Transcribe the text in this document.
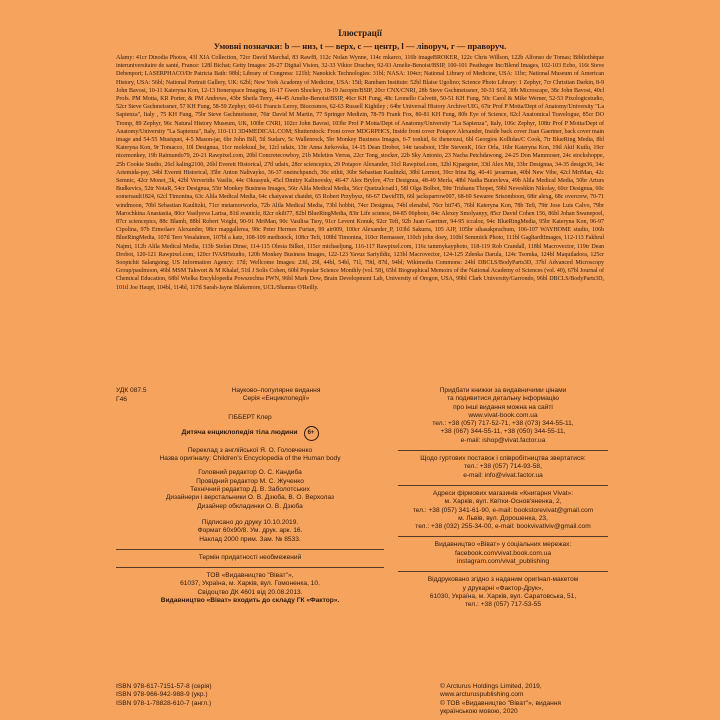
Ілюстрації
Умовні позначки: b — низ, t — верх, c — центр, l — ліворуч, r — праворуч.

Alamy: 41cr Dinodia Photos, 43l XIA Collection, 72cr David Marchal, 83 Rawf8, 112c Nolan Wynne, 114c mkarco, 116b imageBROKER, 122c Chris Willson, 122b Alfonso de Tomas; Bibliothèque interuniversitaire de santé, France: 128l Bichat; Getty Images: 26-27 Digital Vision, 32-33 Viktor Drachev, 92-93 Amelie-Benoist/BSIP, 100-101 Peathegee Inc/Blend Images, 102-103 Echo, 116t Steve Debenport; LASERPHACO/Dr Patricia Bath: 98bl; Library of Congress: 121bl; Nanokick Technologies: 31bl; NASA: 104cr; National Library of Medicine, USA: 11br; National Museum of American History, USA: 56bl; National Portrait Gallery, UK: 62bl; New York Academy of Medicine, USA: 15tl; Rambam Institute: 52bl Blaise Ugolino; Science Photo Library: 1 Zephyr, 7cr Christian Darkin, 8-9 John Bavosi, 10-11 Kateryna Kon, 12-13 Itonerspace Imaging, 16-17 Gwen Shockey, 18-19 Jacopin/BSIP, 20cr CNX/CNRI, 28b Steve Gschmeissner, 30-31 SGI, 30b Microscape, 38c John Bavosi, 40cl Profs. PM Motta, KR Porter, & PM Andrews, 43br Sheila Terry, 44-45 Amelie-Benoist/BSIP, 46cr KH Fung, 48c Leonello Calvetti, 50-51 KH Fung, 50c Carol & Mike Werner, 52-53 Pixologicstudio, 52cr Steve Gschmeissner, 57 KH Fung, 58-59 Zephyr, 60-61 Francis Leroy, Biocosmos, 62-63 Russell Kightley ; 64br Universal History Archive/UIG, 67tr Prof P Motta/Dept of Anatomy/University "La Sapienza", Italy , 75 KH Fung, 75br Steve Gschmeissner, 76tr David M Martin, 77 Springer Medizin, 78-79 Frank Fox, 80-81 KH Fung, 80b Eye of Science, 82cl Anatomical Travelogue, 85cr DO Tromp, 89 Zephyr, 96c Natural History Museum, UK, 100br CNRI, 102cr John Bavosi, 103br Prof P Motta/Dept of Anatomy/University "La Sapienza", Italy, 106c Zephyr, 108tr Prof P Motta/Dept of Anatomy/University "La Sapienza", Italy, 110-111 3D4MEDICAL.COM; Shutterstock: Front cover MDGRPHCS, Inside front cover Potapov Alexander, Inside back cover Juan Gaertner, back cover main image and 54-55 Musiquet, 4-5 Mason-jar, 6br John Bill, 5tl Sudarv, 5c Wallenrock, 5br Monkey Business Images, 6-7 tonkid, 6c thenexusi, 6bl Georgios Kollidas/C Cook, 7tr BlueRing Media, 8bl Kateryna Kon, 9r Tomacco, 10l Designua, 11cr molekuul_be, 12cl udaix, 13tr Anna Jurkovska, 14-15 Dean Drobot, 14tr taoaboot, 15br StevenK, 16cr Orla, 16br Kateryna Kon, 19tl Akif Kutlu, 19cr nicemonkey, 19b Raimundo79, 20-21 Rawpixel.com, 20bl Concretecowboy, 21b Meletios Verras, 22cr Tong_stocker, 22b Sky Antonio, 23 Nacha Petchdawong, 24-25 Don Mammoser, 24c stockshoppe, 25b Cookie Studio, 26cl kaling2100, 26bl Everett Historical, 27tl udaix, 28cr sciencepics, 29 Potapov Alexander, 31cl Rawpixel.com, 32bl Kjpargeter, 33tl Alex Mit, 33br Designua, 34-35 design36, 34c Artemida-psy, 34bl Everett Historical, 35br Anton Nalivayko, 36-37 oneinchpunch, 36c stihii, 36br Sebastian Kaulitzki, 38bl Lermot, 39cr Irina Bg, 40-41 javarman, 40bl New Vibe, 42cl MriMan, 42c Semnic, 42cr Monet_3k, 42bl Ververidis Vasilis, 44c Okrasyuk, 45cl Dmitry Kalinovsky, 46-47 Alex Brylov, 47cr Designua, 48-49 Merla, 48bl Nadia Buravleva, 49b Alila Medical Media, 50br Arturs Budkevics, 52tr NoiaR, 54cr Designua, 55tr Monkey Business Images, 56tr Alila Medical Media, 56cr Quetzalcoatl1, 58l Olga Bolbot, 59tr Tridsanu Thopet, 59bl Neveshkin Nikolay, 60cr Designua, 60c somersault1824, 62cl Timonina, 63c Alila Medical Media, 64c chaiyawat chaidet, 65 Robert Przybysz, 66-67 DavidTB, 66l jacksparrow007, 68-69 Sewaree Srisomboon, 68tr alexg, 68c overcrew, 70-71 windmoon, 70bl Sebastian Kaulitzki, 71cr metamorworks, 72b Alila Medical Media, 73bl hobbit, 74cr Designua, 74bl elenabsl, 76cr bit745, 76bl Kateryna Kon, 78b Tefi, 79tr Jose Luis Calvo, 79br Marochkina Anastasiia, 80cr Vasilyeva Larisa, 81tl svanicle, 82cr okili77, 82bl BlueRingMedia, 83tr Life science, 84-85 06photo, 84c Alexey Smolyanyy, 85cr David Cohen 156, 86bl Johan Swanepoel, 87cr sciencepics, 88c Blamb, 88bl Robert Voight, 90-91 MriMan, 90c Vasilisa Tsoy, 91cr Levent Konuk, 92cr Tefi, 92b Juan Gaertner, 94-95 iccaloz, 94c BlueRingMedia, 95br Kateryna Kon, 96-97 Cipolina, 97b Ermolaev Alexander, 98cr mapgallerea, 98c Peter Hermes Furian, 99 air009, 100cr Alexander_P, 103bl Sakurra, 105 AJP, 105br sihasakprachum, 106-107 WAYHOME studio, 106b BlueRingMedia, 107tl Tero Vesalainen, 107bl a katz, 108-109 medistock, 108cr Tefi, 108bl Timonina, 110cr Reenasser, 110cb john doey, 110bl Semmick Photo, 111bl GagliardiImages, 112-113 Fakhrul Najmi, 112b Alila Medical Media, 113b Stefan Dinse, 114-115 Olesia Bilkei, 115cr michaeljung, 116-117 Rawpixel.com, 116c tammykayphoto, 118-119 Rob Crandall, 118bl Macrovector, 119tr Dean Drobot, 120-121 Rawpixel.com, 120cr IVASHstudio, 120b Monkey Business Images, 122-123 Yavuz Sariyildiz, 123bl Macrovector, 124-125 Zdenka Darula, 124c Tsomka, 124bl Maquiladora, 125cr Soopichit Salangsing; US Information Agency: 17tl; Wellcome Images: 23tl, 29l, 44bl, 54bl, 71l, 79tl, 87tl, 94bl; Wikimedia Commons: 24bl DBCLS/BodyParts3D, 37bl Advanced Microscopy Group/paulmoon, 46bl MSM Takwori & M Khalaf, 51tl J Solis Cohen, 60bl Popular Science Monthly (vol. 58), 65bl Biographical Memoirs of the National Academy of Sciences (vol. 40), 67bl Journal of Chemical Education, 68bl Wielka Encyklopedia Powszechna PWN, 96bl Mark Dow, Brain Development Lab, University of Oregon, USA, 99bl Clark University/Garrondo, 96bl DBCLS/BodyParts3D, 101tl Joe Haupt, 104bl, 114bl, 117tl Sarah-Jayne Blakemore, UCL/Shamus O'Reilly.

УДК 087.5
Г46
Науково–популярне видання
Серія «Енциклопедії»
ГІББЕРТ Клер
Дитяча енциклопедія тіла людини	6+
Переклад з англійської Я. О. Головченко
Назва оригіналу: Children's Encyclopedia of the Human body
Головний редактор О. С. Кандиба
Провідний редактор М. С. Жученко
Технічний редактор Д. В. Заболотських
Дизайнери і верстальники О. В. Дзюба, В. О. Верхолаз
Дизайнер обкладинки О. В. Дзюба
Підписано до друку 10.10.2019.
Формат 60х90/8. Ум. друк. арк. 16.
Наклад 2000 прим. Зам. № 8533.
Термін придатності необмежений
ТОВ «Видавництво "Віват"»,
61037, Україна, м. Харків, вул. Гомоненка, 10.
Свідоцтво ДК 4601 від 20.08.2013.
Видавництво «Віват» входить до складу ГК «Фактор».
Придбати книжки за видавничими цінами
та подивитися детальну інформацію
про інші видання можна на сайті
www.vivat-book.com.ua
тел.: +38 (057) 717-52-71, +38 (073) 344-55-11,
+38 (067) 344-55-11, +38 (050) 344-55-11,
e-mail: ishop@vivat.factor.ua
Щодо гуртових поставок і співробітництва звертатися:
тел.: +38 (057) 714-93-58,
e-mail: info@vivat.factor.ua
Адреси фірмових магазинів «Книгарня Vivat»:
м. Харків, вул. Квітки-Основ'яненка, 2,
тел.: +38 (057) 341-61-90, e-mail: bookstorevivat@gmail.com
м. Львів, вул. Дорошенка, 23,
тел.: +38 (032) 255-34-00, e-mail: bookvivatlviv@gmail.com
Видавництво «Віват» у соціальних мережах:
facebook.com/vivat.book.com.ua
instagram.com/vivat_publishing
Віддруковано згідно з наданим оригінал-макетом
у друкарні «Фактор-Друк»,
61030, Україна, м. Харків, вул. Саратовська, 51,
тел.: +38 (057) 717-53-55
ISBN 978-617-7151-57-8 (серія)
ISBN 978-966-942-988-9 (укр.)
ISBN 978-1-78828-610-7 (англ.)
© Arcturus Holdings Limited, 2019,
www.arcturuspublishing.com
© ТОВ «Видавництво "Віват"», видання
українською мовою, 2020
